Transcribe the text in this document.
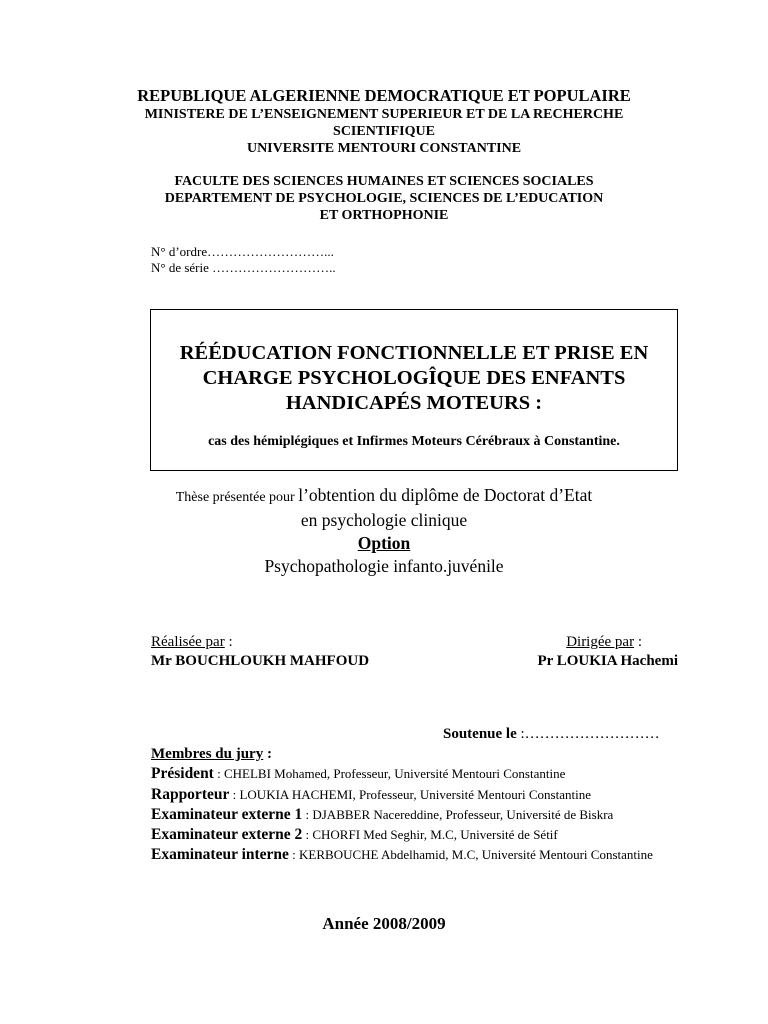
REPUBLIQUE ALGERIENNE DEMOCRATIQUE ET POPULAIRE
MINISTERE DE L’ENSEIGNEMENT SUPERIEUR ET DE LA RECHERCHE
SCIENTIFIQUE
UNIVERSITE MENTOURI CONSTANTINE
FACULTE DES SCIENCES HUMAINES ET SCIENCES SOCIALES
DEPARTEMENT DE PSYCHOLOGIE, SCIENCES DE L’EDUCATION
ET ORTHOPHONIE
N° d’ordre………………………...
N° de série ………………………..
RÉÉDUCATION FONCTIONNELLE ET PRISE EN
CHARGE PSYCHOLOGÎQUE DES ENFANTS
HANDICAPÉS MOTEURS :
cas des hémiplégiques et Infirmes Moteurs Cérébraux à Constantine.
Thèse présentée pour l’obtention du diplôme de Doctorat d’Etat
en psychologie clinique
Option
Psychopathologie infanto.juvénile
Réalisée par :
Mr BOUCHLOUKH MAHFOUD
Dirigée par :
Pr LOUKIA Hachemi
Soutenue le :………………………
Membres du jury :
Président : CHELBI Mohamed, Professeur, Université Mentouri Constantine
Rapporteur : LOUKIA HACHEMI, Professeur, Université Mentouri Constantine
Examinateur externe 1 : DJABBER Nacereddine, Professeur, Université de Biskra
Examinateur externe 2 : CHORFI Med Seghir, M.C, Université de Sétif
Examinateur interne : KERBOUCHE Abdelhamid, M.C, Université Mentouri Constantine
Année 2008/2009
